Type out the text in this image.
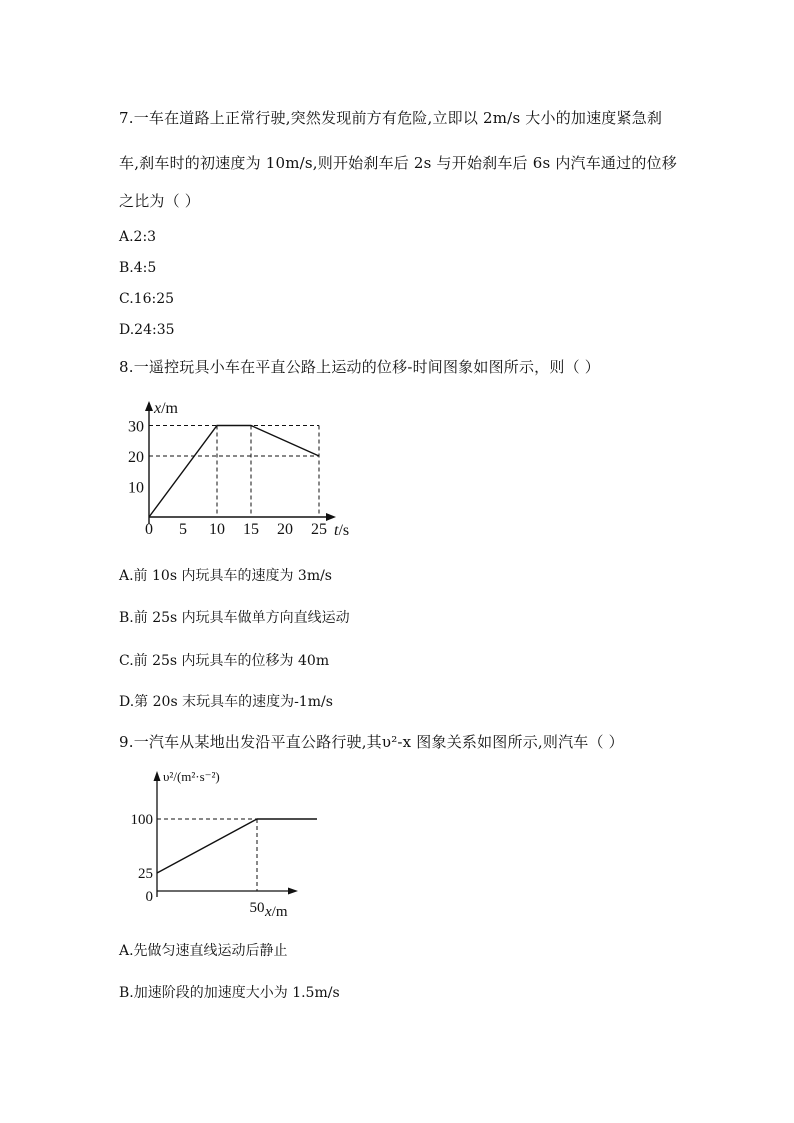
7.一车在道路上正常行驶,突然发现前方有危险,立即以 2m/s 大小的加速度紧急刹
车,刹车时的初速度为 10m/s,则开始刹车后 2s 与开始刹车后 6s 内汽车通过的位移
之比为（ ）
A.2:3
B.4:5
C.16:25
D.24:35
8.一遥控玩具小车在平直公路上运动的位移-时间图象如图所示，则（ ）
0 5 10 15 20 25
10
20
30
x/m
t/s
A.前 10s 内玩具车的速度为 3m/s
B.前 25s 内玩具车做单方向直线运动
C.前 25s 内玩具车的位移为 40m
D.第 20s 末玩具车的速度为-1m/s
9.一汽车从某地出发沿平直公路行驶,其υ²-x 图象关系如图所示,则汽车（ ）
50
0
25
100
υ²/(m²·s⁻²)
x/m
A.先做匀速直线运动后静止
B.加速阶段的加速度大小为 1.5m/s
